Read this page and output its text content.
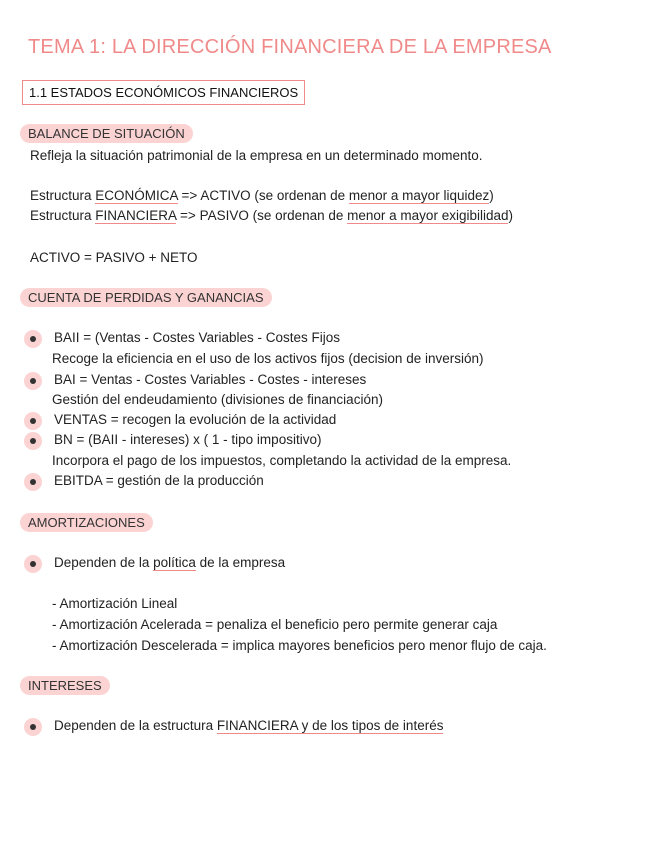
TEMA 1: LA DIRECCIÓN FINANCIERA DE LA EMPRESA
1.1 ESTADOS ECONÓMICOS FINANCIEROS
BALANCE DE SITUACIÓN
Refleja la situación patrimonial de la empresa en un determinado momento.
Estructura ECONÓMICA => ACTIVO (se ordenan de menor a mayor liquidez)
Estructura FINANCIERA => PASIVO (se ordenan de menor a mayor exigibilidad)
ACTIVO = PASIVO + NETO
CUENTA DE PERDIDAS Y GANANCIAS
BAII = (Ventas - Costes Variables - Costes Fijos
Recoge la eficiencia en el uso de los activos fijos (decision de inversión)
BAI = Ventas - Costes Variables - Costes - intereses
Gestión del endeudamiento (divisiones de financiación)
VENTAS = recogen la evolución de la actividad
BN = (BAII - intereses) x ( 1 - tipo impositivo)
Incorpora el pago de los impuestos, completando la actividad de la empresa.
EBITDA = gestión de la producción
AMORTIZACIONES
Dependen de la política de la empresa
- Amortización Lineal
- Amortización Acelerada = penaliza el beneficio pero permite generar caja
- Amortización Descelerada = implica mayores beneficios pero menor flujo de caja.
INTERESES
Dependen de la estructura FINANCIERA y de los tipos de interés
